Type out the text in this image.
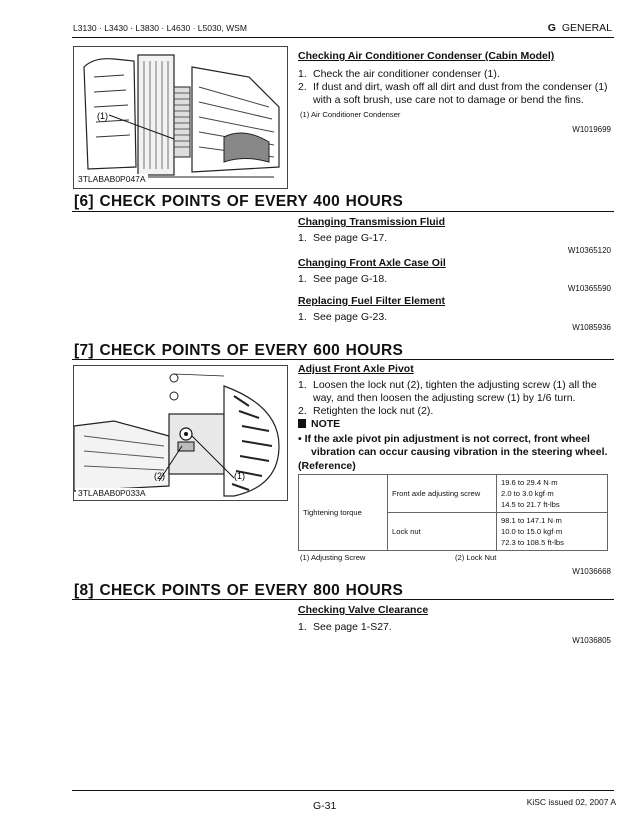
L3130 · L3430 · L3830 · L4630 · L5030, WSM	G GENERAL
(1)
3TLABAB0P047A
Checking Air Conditioner Condenser (Cabin Model)
1. Check the air conditioner condenser (1).
2. If dust and dirt, wash off all dirt and dust from the condenser (1)
with a soft brush, use care not to damage or bend the fins.
(1) Air Conditioner Condenser
W1019699
[6] CHECK POINTS OF EVERY 400 HOURS
Changing Transmission Fluid
1. See page G-17.
W10365120
Changing Front Axle Case Oil
1. See page G-18.
W10365590
Replacing Fuel Filter Element
1. See page G-23.
W1085936
[7] CHECK POINTS OF EVERY 600 HOURS
(2)	(1)
3TLABAB0P033A
Adjust Front Axle Pivot
1. Loosen the lock nut (2), tighten the adjusting screw (1) all the
way, and then loosen the adjusting screw (1) by 1/6 turn.
2. Retighten the lock nut (2).
NOTE
• If the axle pivot pin adjustment is not correct, front wheel
vibration can occur causing vibration in the steering wheel.
(Reference)
Tightening torque	Front axle adjusting screw	19.6 to 29.4 N·m
2.0 to 3.0 kgf·m
14.5 to 21.7 ft-lbs

	Lock nut	98.1 to 147.1 N·m
10.0 to 15.0 kgf·m
72.3 to 108.5 ft-lbs
(1) Adjusting Screw	(2) Lock Nut
W1036668
[8] CHECK POINTS OF EVERY 800 HOURS
Checking Valve Clearance
1. See page 1-S27.
W1036805
G-31	KiSC issued 02, 2007 A
